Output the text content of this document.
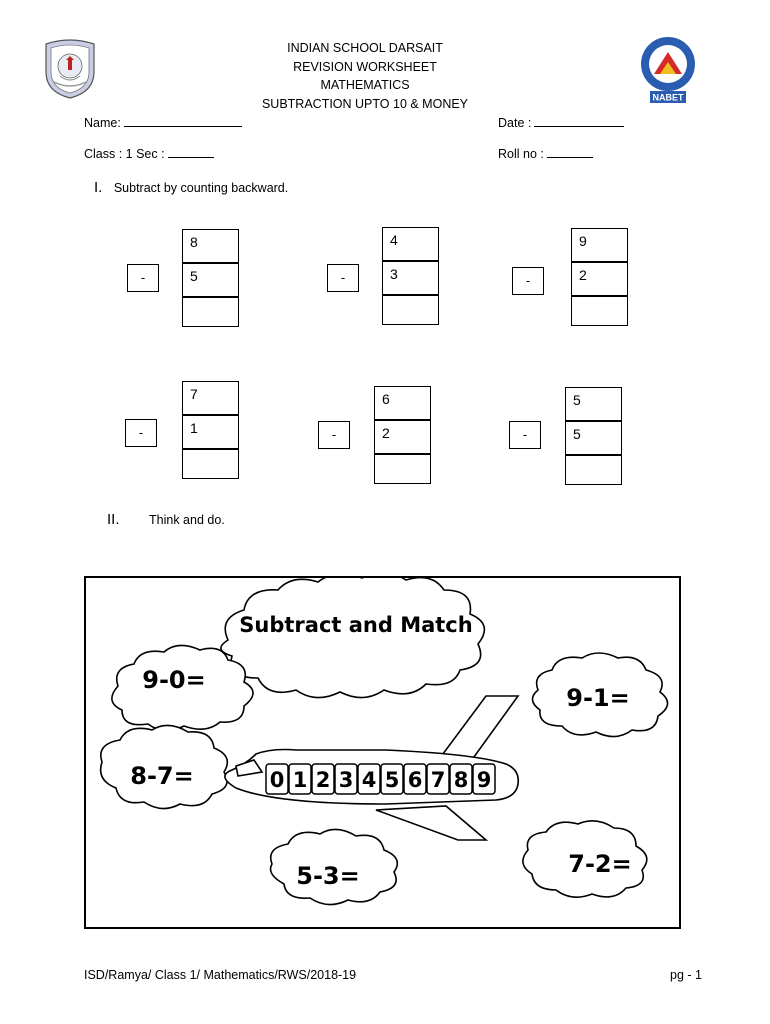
NABET
INDIAN SCHOOL DARSAIT
REVISION WORKSHEET
MATHEMATICS
SUBTRACTION UPTO 10 & MONEY
Name:	Date :
Class : 1 Sec :	Roll no :
I. Subtract by counting backward.
-
8
5	-
4
3	-
9
2
-
7
1	-
6
2	-
5
5
II. Think and do.
0 1 2 3 4 5 6 7 8 9
Subtract and Match
9-0=
9-1=
8-7=
5-3=	7-2=
ISD/Ramya/ Class 1/ Mathematics/RWS/2018-19	pg - 1
